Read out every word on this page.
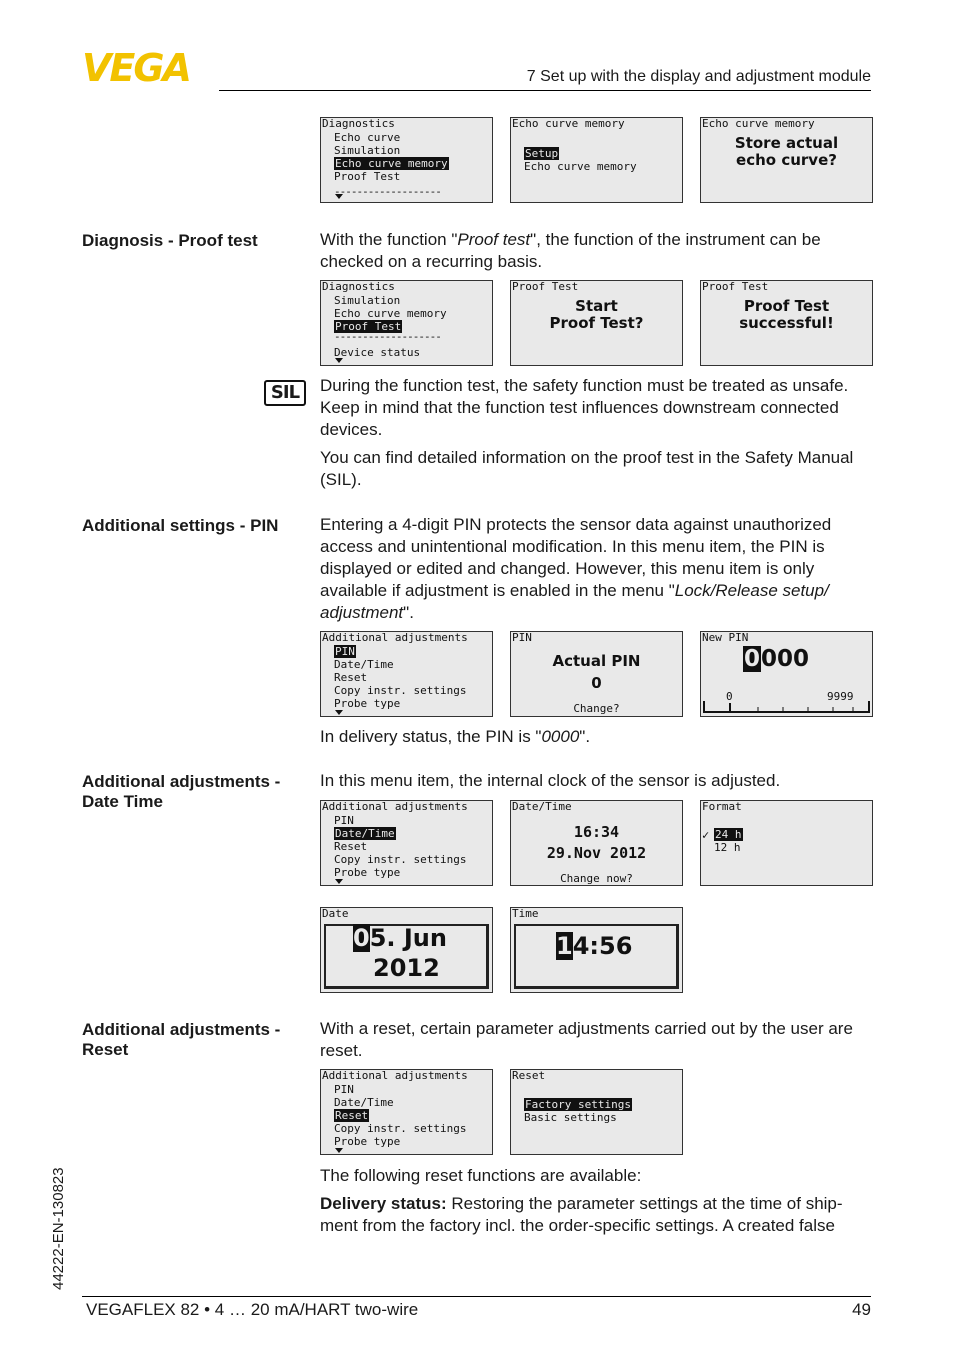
VEGA	7 Set up with the display and adjustment module
Diagnostics
Echo curve
Simulation
Echo curve memory
Proof Test
-------------------
Echo curve memory
Setup
Echo curve memory
Echo curve memory
Store actual
echo curve?
Diagnosis - Proof test	With the function "Proof test", the function of the instrument can be checked on a recurring basis.

Diagnostics
Simulation
Echo curve memory
Proof Test
-------------------
Device status
Proof Test
Start
Proof Test?
Proof Test
Proof Test
successful!
SIL	During the function test, the safety function must be treated as unsafe. Keep in mind that the function test influences downstream connected devices.

You can find detailed information on the proof test in the Safety Manual (SIL).

Additional settings - PIN	Entering a 4-digit PIN protects the sensor data against unauthorized access and unintentional modification. In this menu item, the PIN is displayed or edited and changed. However, this menu item is only available if adjustment is enabled in the menu "Lock/Release setup/ adjustment".

Additional adjustments
PIN
Date/Time
Reset
Copy instr. settings
Probe type
PIN
Actual PIN
0
Change?
New PIN
0000
0	9999

In delivery status, the PIN is "0000".

Additional adjustments - Date Time

In this menu item, the internal clock of the sensor is adjusted.

Additional adjustments
PIN
Date/Time
Reset
Copy instr. settings
Probe type
Date/Time
16:34
29.Nov 2012
Change now?
Format
✓ 24 h
12 h
Date
05. Jun
2012
Time
14:56
Additional adjustments - Reset

With a reset, certain parameter adjustments carried out by the user are reset.

Additional adjustments
PIN
Date/Time
Reset
Copy instr. settings
Probe type
Reset
Factory settings
Basic settings

The following reset functions are available:

Delivery status: Restoring the parameter settings at the time of ship-ment from the factory incl. the order-specific settings. A created false

44222-EN-130823
VEGAFLEX 82 • 4 … 20 mA/HART two-wire	49
